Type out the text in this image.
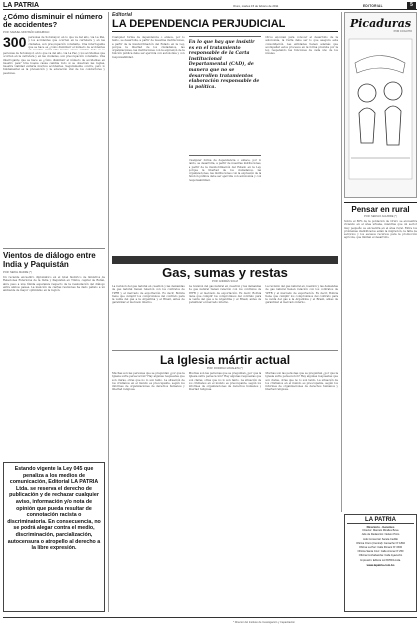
LA PATRIA	Oruro, martes 15 de febrero de 2011	EDITORIAL	5
¿Cómo disminuir el número de accidentes?
POR: SAMUEL MONTAÑO ARCHBOLD
300 personas de Sotomayor, en lo que va del año, vía La Paz, y los accidentes que ocurren en la carretera y en las ciudades, son preocupación constante. Una interrogante que se hace es ¿cómo disminuir el número de accidentes
personas de Sotomayor, en lo que va del año, vía La Paz, y los accidentes que ocurren en la carretera y en las ciudades, son preocupación constante. Una interrogante que se hace es ¿cómo disminuir el número de accidentes en nuestro país? Una buena causa cambia todo si se observan las reglas, nuestra vialidad evitaría muchos accidentes. Seguramente ocurre, pero lo fundamental es la prevención y la educación vial de los conductores y peatones.
Vientos de diálogo entre India y Paquistán
POR: NEPAL MADRE (*)
Un reciente encuentro diplomático en el nivel histórico de ministros de Relaciones Exteriores de la India y Paquistán en Timbu, capital de Bután, abre paso a una tímida esperanza respecto de la reanudación del diálogo entre ambos países. La mención de ciertas reuniones ha dado pábulo a un ambiente de mayor optimismo en la región.
Estando vigente la Ley 045 que penaliza a los medios de comunicación, Editorial LA PATRIA Ltda. se reserva el derecho de publicación y de rechazar cualquier aviso, información y/o nota de opinión que pueda resultar de connotación racista o discriminatoria. En consecuencia, no se podrá alegar contra el medio, discriminación, parcialización, autocensura o atropello al derecho a la libre expresión.
Editorial
LA DEPENDENCIA PERJUDICIAL
Cualquier forma de dependencia o enlace, por lo tanto, se desarrolla, a partir de nuestras instituciones, a partir de la insubordinación del Estado en la Ley, porque la libertad de los ciudadanos, las organizaciones, las instituciones con la expresión de la función pública debe ser ejercida con autonomía y con responsabilidad.
En lo que hay que insistir es en el tratamiento responsable de la Carta Institucional Departamental (CAD), de manera que no se desarrollen tratamientos elaboración responsable de la política.
Cualquier forma de dependencia o enlace, por lo tanto, se desarrolla, a partir de nuestras instituciones, a partir de la insubordinación del Estado en la Ley, porque la libertad de los ciudadanos, las organizaciones, las instituciones con la expresión de la función pública debe ser ejercida con autonomía y con responsabilidad.
Otros enconan para conocer el desarrollo de la autonomía, la Carta debe ser lo que asegure esta consolidación. Las entidades tienen además que acompañar estos procesos en la forma prevista por la ley, respetando las funciones de cada uno de los niveles.
Picaduras
POR COGUITO
Pensar en rural
POR: SERGIO AGUIRRE (*)
Sobre el 80% de la población de Oruro se encuentra viviendo en el área urbana, mientras que un sector muy pequeño se encuentra en el área rural. Entre los problemas identificados están la migración, la falta de servicios y los escasos recursos para la producción agrícola, que limitan el desarrollo.
ECONOMÍA DE PALABRAS
Gas, sumas y restas
POR: ANDRÉS SOLIZ
La revisión del gas natural en cuestión y las demandas de gas natural tienen relación con los contratos de YPFB y el mercado de exportación. Es decir, Bolivia tiene que cumplir los compromisos del contrato para la venta del gas a la Argentina y el Brasil, antes de garantizar el mercado interno.
La revisión del gas natural en cuestión y las demandas de gas natural tienen relación con los contratos de YPFB y el mercado de exportación. Es decir, Bolivia tiene que cumplir los compromisos del contrato para la venta del gas a la Argentina y el Brasil, antes de garantizar el mercado interno.
La revisión del gas natural en cuestión y las demandas de gas natural tienen relación con los contratos de YPFB y el mercado de exportación. Es decir, Bolivia tiene que cumplir los compromisos del contrato para la venta del gas a la Argentina y el Brasil, antes de garantizar el mercado interno.
La Iglesia mártir actual
POR: RODRIGO ZAVALETA (*)
Muchas son las personas que se preguntan ¿por qué la Iglesia sufre persecución? Hay algunas respuestas que son claras, otras que no lo son tanto. La situación de los cristianos en el mundo es preocupante, según los informes de organizaciones de derechos humanos y libertad religiosa.
Muchas son las personas que se preguntan ¿por qué la Iglesia sufre persecución? Hay algunas respuestas que son claras, otras que no lo son tanto. La situación de los cristianos en el mundo es preocupante, según los informes de organizaciones de derechos humanos y libertad religiosa.
Muchas son las personas que se preguntan ¿por qué la Iglesia sufre persecución? Hay algunas respuestas que son claras, otras que no lo son tanto. La situación de los cristianos en el mundo es preocupante, según los informes de organizaciones de derechos humanos y libertad religiosa.
LA PATRIA
Directorio - Gerentes
Director: Marcelo Miralles Bova
Jefe de Redacción: Nelson Pinto
Jefe Comercial: Sarela Cedillo
Oficina Oruro (Central): Camacho Nº 1892
Oficina La Paz: Calle Illimani Nº 1500
Oficina Santa Cruz: Calle Aroma Nº 250
Oficina Cochabamba: Calle Ayacucho
Impresión: Editora LA PATRIA Ltda.
www.lapatria.com.bo
* Director del Instituto de Investigación y Capacitación
